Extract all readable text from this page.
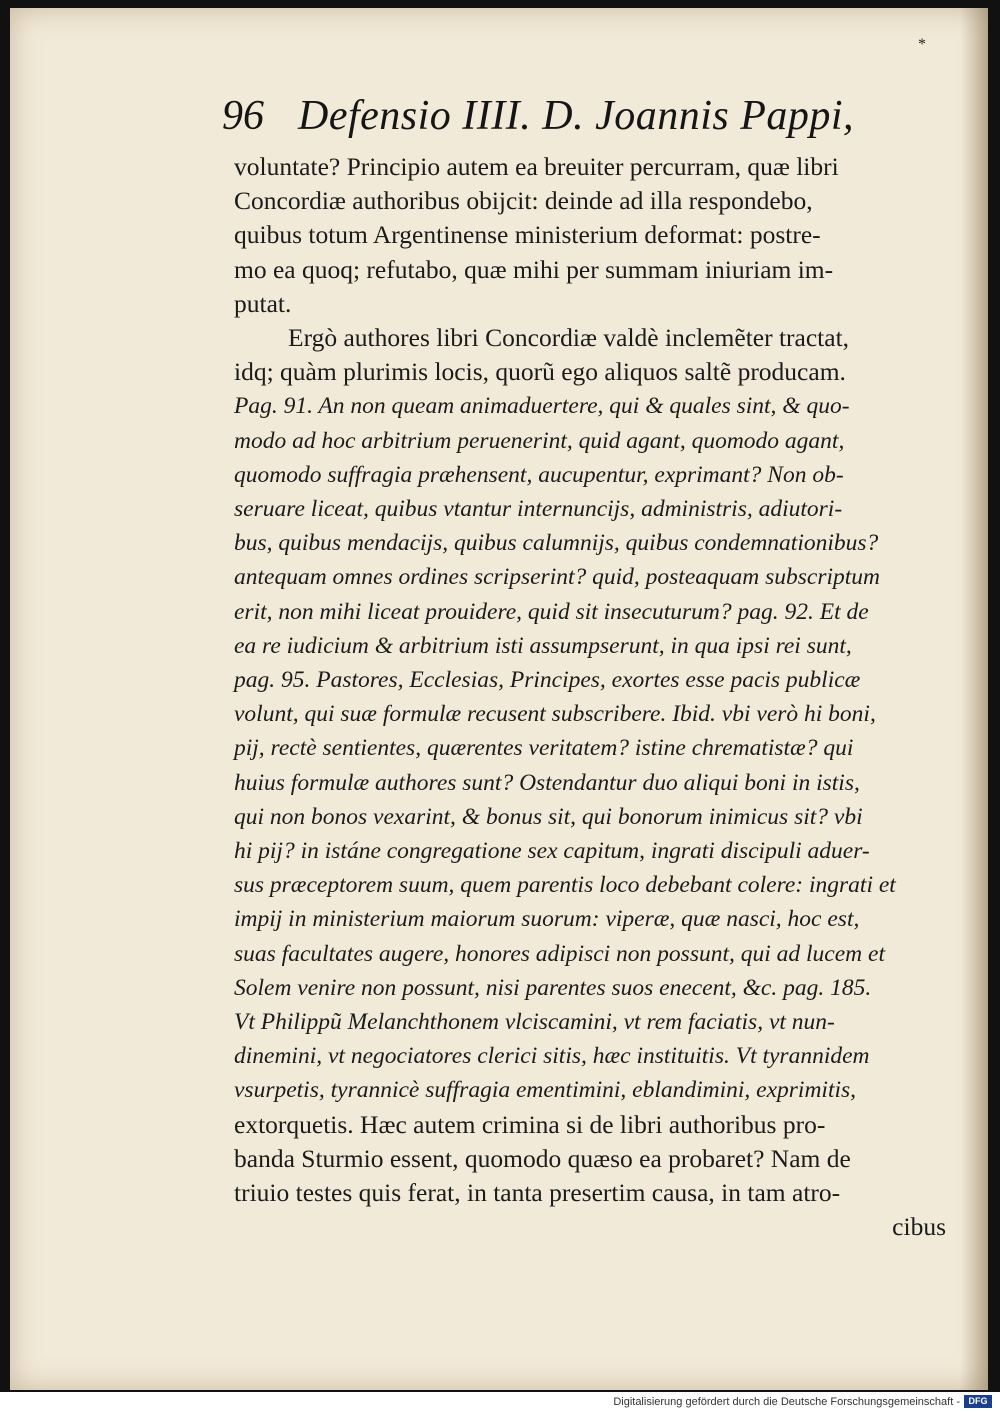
*
96 Defensio IIII. D. Joannis Pappi,
voluntate? Principio autem ea breuiter percurram, quæ libri
Concordiæ authoribus obijcit: deinde ad illa respondebo,
quibus totum Argentinense ministerium deformat: postre-
mo ea quoq; refutabo, quæ mihi per summam iniuriam im-
putat.
Ergò authores libri Concordiæ valdè inclemẽter tractat,
idq; quàm plurimis locis, quorũ ego aliquos saltẽ producam.
Pag. 91. An non queam animaduertere, qui & quales sint, & quo-
modo ad hoc arbitrium peruenerint, quid agant, quomodo agant,
quomodo suffragia præhensent, aucupentur, exprimant? Non ob-
seruare liceat, quibus vtantur internuncijs, administris, adiutori-
bus, quibus mendacijs, quibus calumnijs, quibus condemnationibus?
antequam omnes ordines scripserint? quid, posteaquam subscriptum
erit, non mihi liceat prouidere, quid sit insecuturum? pag. 92. Et de
ea re iudicium & arbitrium isti assumpserunt, in qua ipsi rei sunt,
pag. 95. Pastores, Ecclesias, Principes, exortes esse pacis publicæ
volunt, qui suæ formulæ recusent subscribere. Ibid. vbi verò hi boni,
pij, rectè sentientes, quærentes veritatem? istine chrematistæ? qui
huius formulæ authores sunt? Ostendantur duo aliqui boni in istis,
qui non bonos vexarint, & bonus sit, qui bonorum inimicus sit? vbi
hi pij? in istáne congregatione sex capitum, ingrati discipuli aduer-
sus præceptorem suum, quem parentis loco debebant colere: ingrati et
impij in ministerium maiorum suorum: viperæ, quæ nasci, hoc est,
suas facultates augere, honores adipisci non possunt, qui ad lucem et
Solem venire non possunt, nisi parentes suos enecent, &c. pag. 185.
Vt Philippũ Melanchthonem vlciscamini, vt rem faciatis, vt nun-
dinemini, vt negociatores clerici sitis, hæc instituitis. Vt tyrannidem
vsurpetis, tyrannicè suffragia ementimini, eblandimini, exprimitis,
extorquetis. Hæc autem crimina si de libri authoribus pro-
banda Sturmio essent, quomodo quæso ea probaret? Nam de
triuio testes quis ferat, in tanta presertim causa, in tam atro-
cibus
Digitalisierung gefördert durch die Deutsche Forschungsgemeinschaft - DFG
